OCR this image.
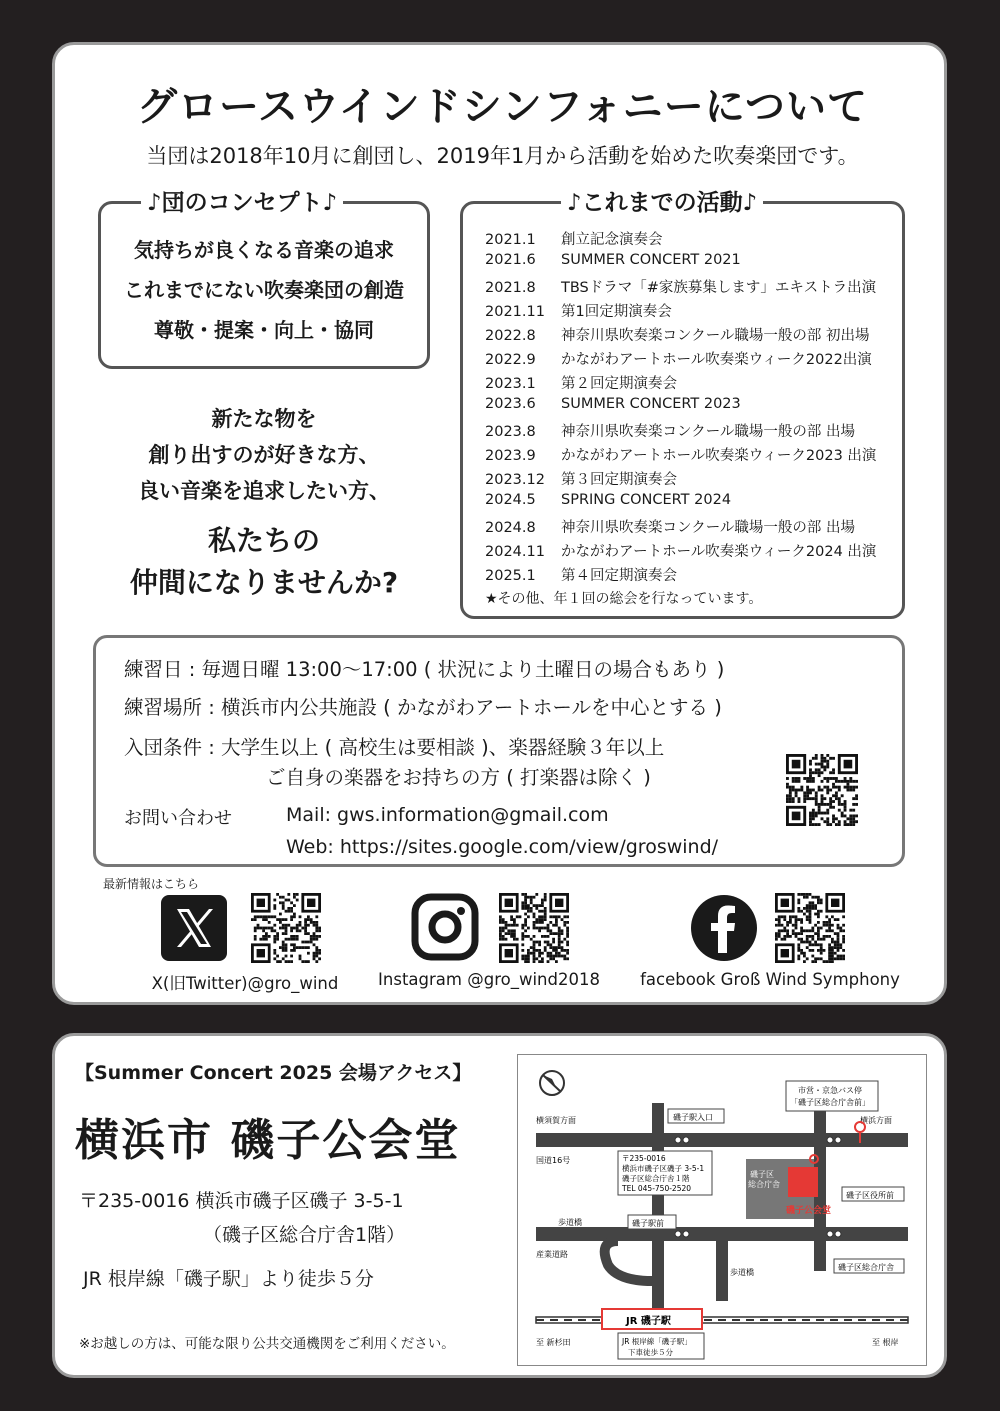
グロースウインドシンフォニーについて
当団は2018年10月に創団し、2019年1月から活動を始めた吹奏楽団です。
♪団のコンセプト♪
気持ちが良くなる音楽の追求
これまでにない吹奏楽団の創造
尊敬・提案・向上・協同
新たな物を
創り出すのが好きな方、
良い音楽を追求したい方、
私たちの
仲間になりませんか?
♪これまでの活動♪
2021.1 創立記念演奏会
2021.6 SUMMER CONCERT 2021
2021.8 TBSドラマ「#家族募集します」エキストラ出演
2021.11 第1回定期演奏会
2022.8 神奈川県吹奏楽コンクール職場一般の部 初出場
2022.9 かながわアートホール吹奏楽ウィーク2022出演
2023.1 第２回定期演奏会
2023.6 SUMMER CONCERT 2023
2023.8 神奈川県吹奏楽コンクール職場一般の部 出場
2023.9 かながわアートホール吹奏楽ウィーク2023 出演
2023.12 第３回定期演奏会
2024.5 SPRING CONCERT 2024
2024.8 神奈川県吹奏楽コンクール職場一般の部 出場
2024.11 かながわアートホール吹奏楽ウィーク2024 出演
2025.1 第４回定期演奏会
★その他、年１回の総会を行なっています。
練習日 : 毎週日曜 13:00〜17:00 ( 状況により土曜日の場合もあり )
練習場所 : 横浜市内公共施設 ( かながわアートホールを中心とする )
入団条件 : 大学生以上 ( 高校生は要相談 )、楽器経験３年以上
ご自身の楽器をお持ちの方 ( 打楽器は除く )
お問い合わせ	Mail: gws.information@gmail.com
Web: https://sites.google.com/view/groswind/
最新情報はこちら
X(旧Twitter)@gro_wind	Instagram @gro_wind2018	facebook Groß Wind Symphony
【Summer Concert 2025 会場アクセス】
横浜市 磯子公会堂
〒235-0016 横浜市磯子区磯子 3-5-1
（磯子区総合庁舎1階）
JR 根岸線「磯子駅」より徒歩５分
※お越しの方は、可能な限り公共交通機関をご利用ください。
磯子区
総合庁舎
磯子公会堂
JR 磯子駅
横須賀方面	横浜方面
国道16号
歩道橋
産業道路
歩道橋
至 新杉田	至 根岸
磯子駅入口
市営・京急バス停
「磯子区総合庁舎前」
〒235-0016
横浜市磯子区磯子 3-5-1
磯子区総合庁舎１階
TEL 045-750-2520
磯子区役所前
磯子駅前
磯子区総合庁舎
JR 根岸線「磯子駅」
下車徒歩５分
